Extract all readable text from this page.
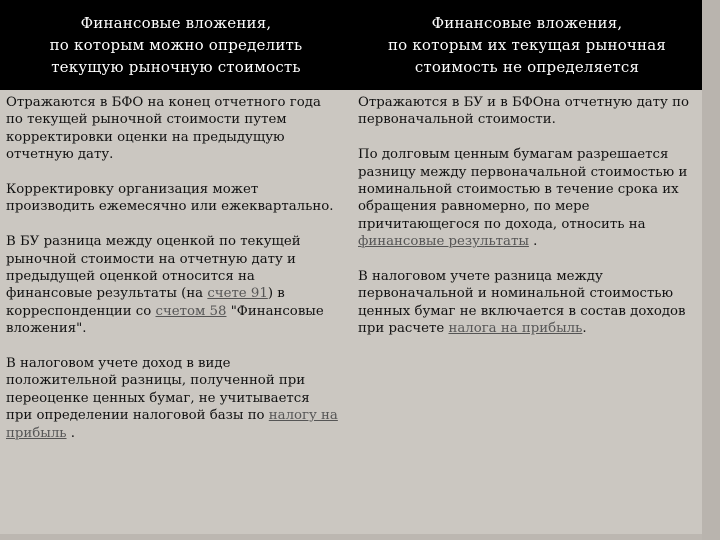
Финансовые вложения,
по которым можно определить
текущую рыночную стоимость
Финансовые вложения,
по которым их текущая рыночная
стоимость не определяется

Отражаются в БФО на конец отчетного года по текущей рыночной стоимости путем корректировки оценки на предыдущую отчетную дату.

Корректировку организация может производить ежемесячно или ежеквартально.

В БУ разница между оценкой по текущей рыночной стоимости на отчетную дату и предыдущей оценкой относится на финансовые результаты (на счете 91) в корреспонденции со счетом 58 "Финансовые вложения".

В налоговом учете доход в виде положительной разницы, полученной при переоценке ценных бумаг, не учитывается при определении налоговой базы по налогу на прибыль .

Отражаются в БУ и в БФОна отчетную дату по первоначальной стоимости.

По долговым ценным бумагам разрешается разницу между первоначальной стоимостью и номинальной стоимостью в течение срока их обращения равномерно, по мере причитающегося по дохода, относить на финансовые результаты .

В налоговом учете разница между первоначальной и номинальной стоимостью ценных бумаг не включается в состав доходов при расчете налога на прибыль.
